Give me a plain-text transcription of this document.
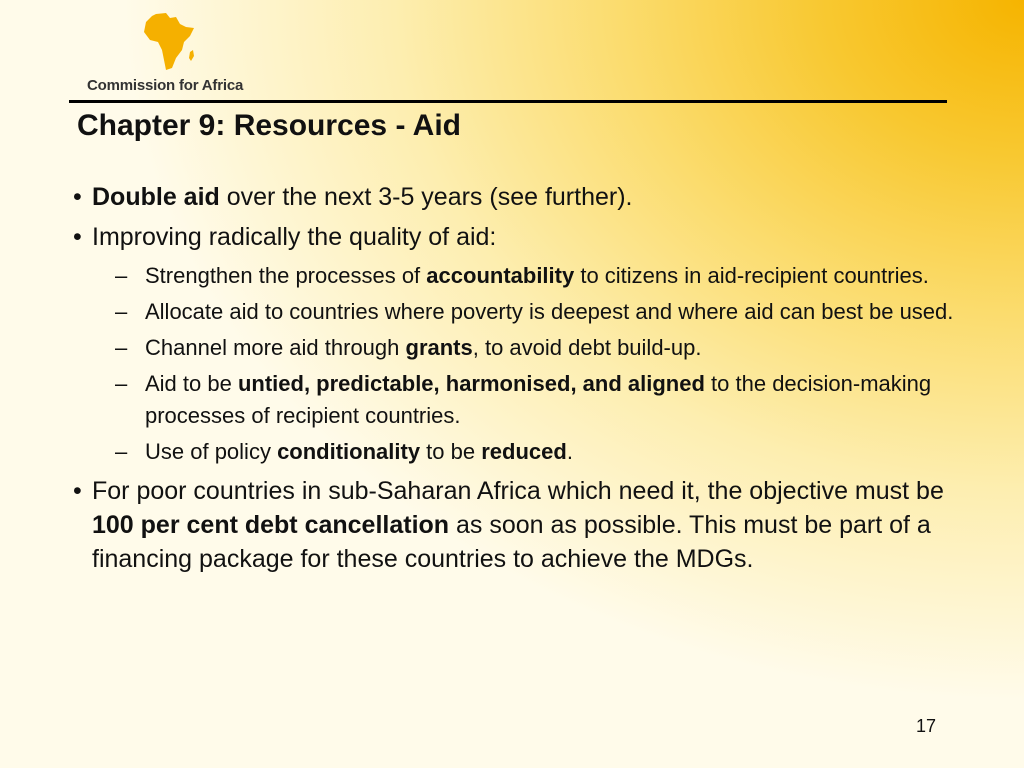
Commission for Africa
Chapter 9: Resources - Aid
• Double aid over the next 3-5 years (see further).
• Improving radically the quality of aid:
– Strengthen the processes of accountability to citizens in aid-recipient countries.
– Allocate aid to countries where poverty is deepest and where aid can best be used.
– Channel more aid through grants, to avoid debt build-up.
– Aid to be untied, predictable, harmonised, and aligned to the decision-making processes of recipient countries.
– Use of policy conditionality to be reduced.
• For poor countries in sub-Saharan Africa which need it, the objective must be 100 per cent debt cancellation as soon as possible. This must be part of a financing package for these countries to achieve the MDGs.
17
